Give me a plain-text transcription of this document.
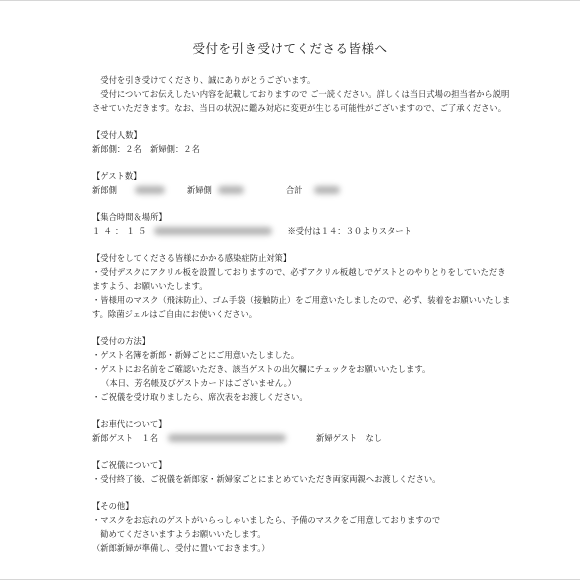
受付を引き受けてくださる皆様へ

受付を引き受けてくださり、誠にありがとうございます。

受付についてお伝えしたい内容を記載しておりますので ご一読ください。詳しくは当日式場の担当者から説明させていただきます。なお、当日の状況に鑑み対応に変更が生じる可能性がございますので、ご了承ください。

【受付人数】

新郎側：２名　新婦側：２名

【ゲスト数】

新郎側	新婦側	合計

【集合時間＆場所】

１４：１５	※受付は１４：３０よりスタート

【受付をしてくださる皆様にかかる感染症防止対策】

・受付デスクにアクリル板を設置しておりますので、必ずアクリル板越しでゲストとのやりとりをしていただきますよう、お願いいたします。

・皆様用のマスク（飛沫防止）、ゴム手袋（接触防止）をご用意いたしましたので、必ず、装着をお願いいたします。除菌ジェルはご自由にお使いください。

【受付の方法】

・ゲスト名簿を新郎・新婦ごとにご用意いたしました。

・ゲストにお名前をご確認いただき、該当ゲストの出欠欄にチェックをお願いいたします。

（本日、芳名帳及びゲストカードはございません。）

・ご祝儀を受け取りましたら、席次表をお渡しください。

【お車代について】

新郎ゲスト　１名	新婦ゲスト　なし

【ご祝儀について】

・受付終了後、ご祝儀を新郎家・新婦家ごとにまとめていただき両家両親へお渡しください。

【その他】

・マスクをお忘れのゲストがいらっしゃいましたら、予備のマスクをご用意しておりますので

　勧めてくださいますようお願いいたします。

（新郎新婦が準備し、受付に置いておきます。）
